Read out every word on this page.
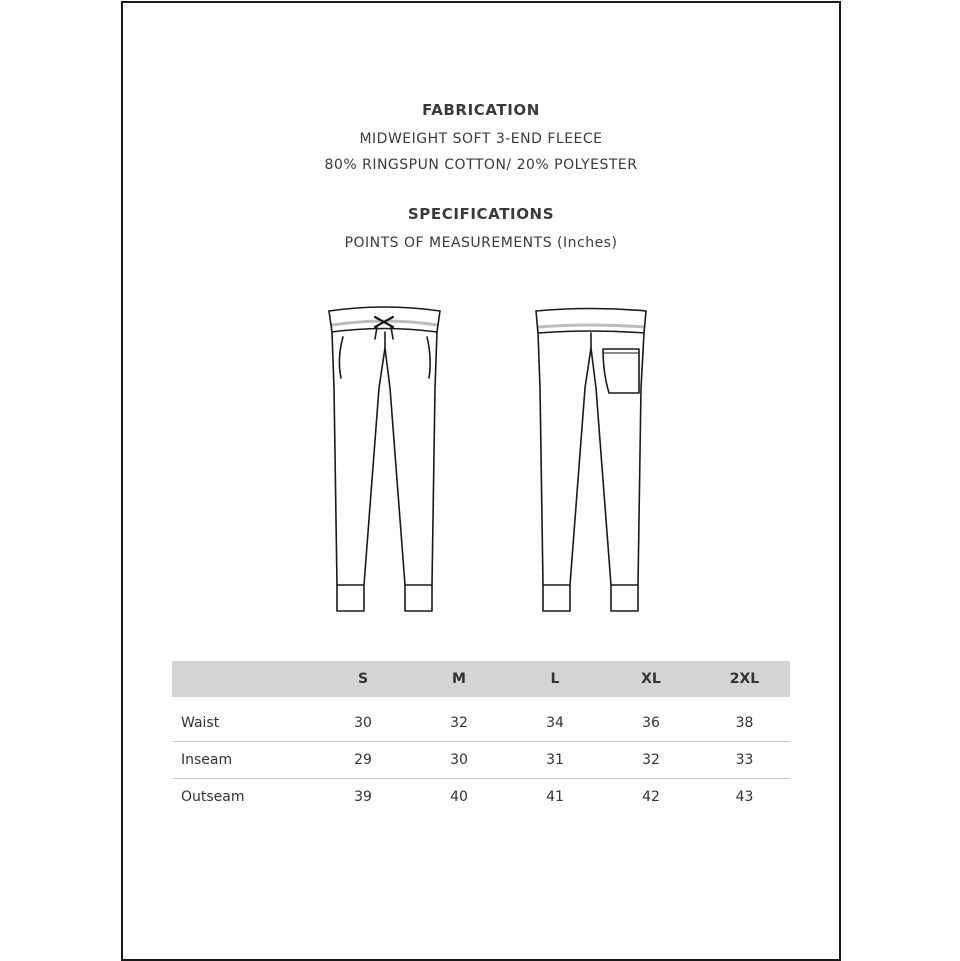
FABRICATION
MIDWEIGHT SOFT 3-END FLEECE
80% RINGSPUN COTTON/ 20% POLYESTER
SPECIFICATIONS
POINTS OF MEASUREMENTS (Inches)
	S	M	L	XL	2XL

Waist	30	32	34	36	38
Inseam	29	30	31	32	33
Outseam	39	40	41	42	43
